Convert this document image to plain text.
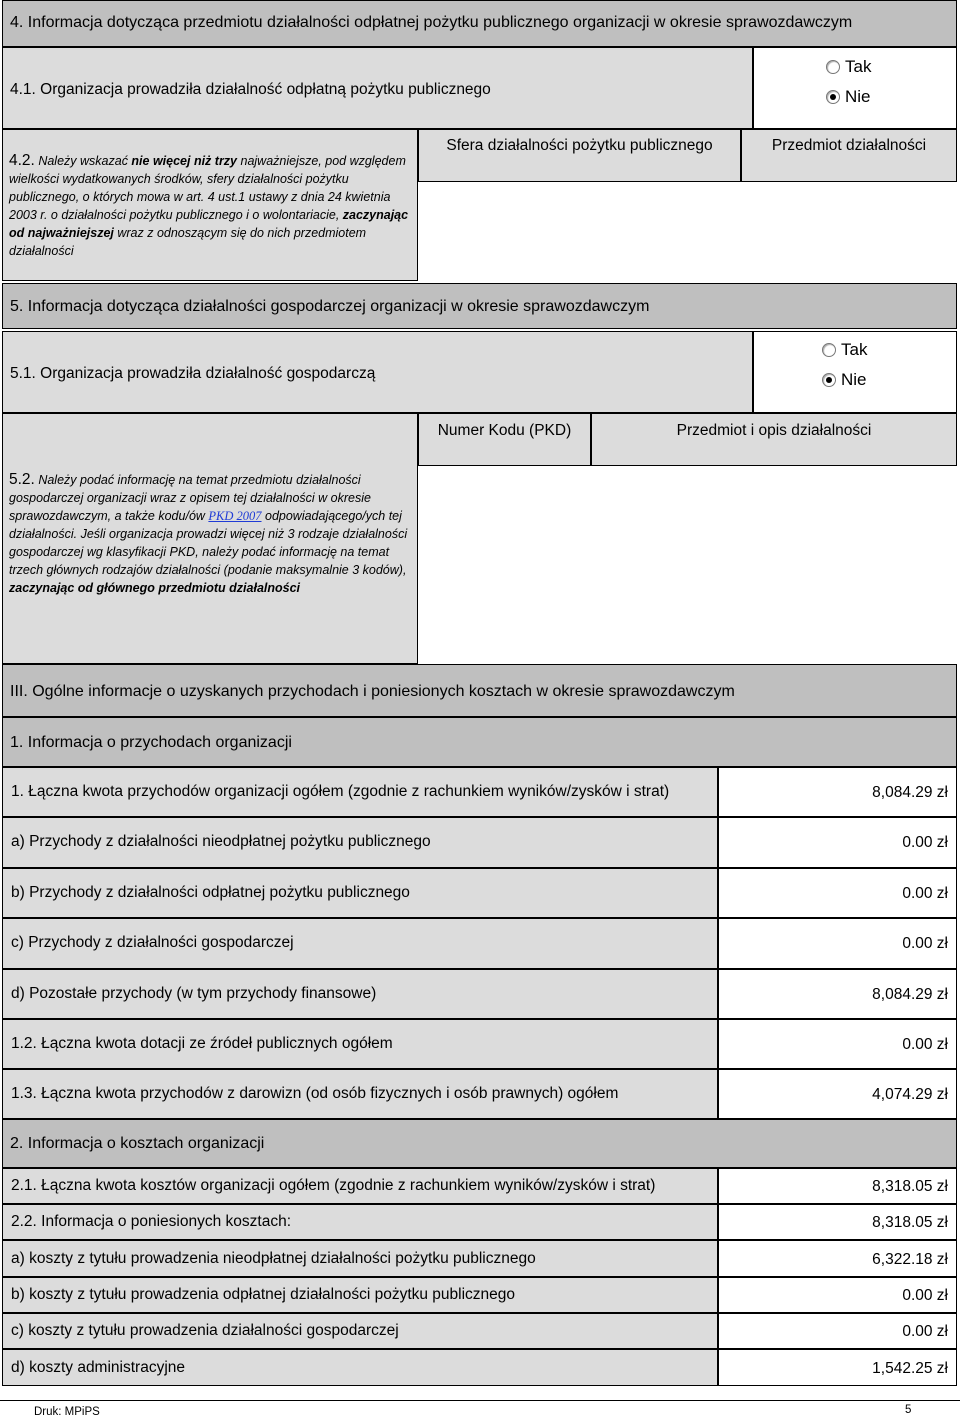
4. Informacja dotycząca przedmiotu działalności odpłatnej pożytku publicznego organizacji w okresie sprawozdawczym
4.1. Organizacja prowadziła działalność odpłatną pożytku publicznego
Tak
Nie
4.2. Należy wskazać nie więcej niż trzy najważniejsze, pod względem wielkości wydatkowanych środków, sfery działalności pożytku publicznego, o których mowa w art. 4 ust.1 ustawy z dnia 24 kwietnia 2003 r. o działalności pożytku publicznego i o wolontariacie, zaczynając od najważniejszej wraz z odnoszącym się do nich przedmiotem działalności
Sfera działalności pożytku publicznego	Przedmiot działalności
5. Informacja dotycząca działalności gospodarczej organizacji w okresie sprawozdawczym
5.1. Organizacja prowadziła działalność gospodarczą
Tak
Nie
5.2. Należy podać informację na temat przedmiotu działalności gospodarczej organizacji wraz z opisem tej działalności w okresie sprawozdawczym, a także kodu/ów PKD 2007 odpowiadającego/ych tej działalności. Jeśli organizacja prowadzi więcej niż 3 rodzaje działalności gospodarczej wg klasyfikacji PKD, należy podać informację na temat trzech głównych rodzajów działalności (podanie maksymalnie 3 kodów), zaczynając od głównego przedmiotu działalności
Numer Kodu (PKD)	Przedmiot i opis działalności
III. Ogólne informacje o uzyskanych przychodach i poniesionych kosztach w okresie sprawozdawczym
1. Informacja o przychodach organizacji
1. Łączna kwota przychodów organizacji ogółem (zgodnie z rachunkiem wyników/zysków i strat)	8,084.29 zł
a) Przychody z działalności nieodpłatnej pożytku publicznego	0.00 zł
b) Przychody z działalności odpłatnej pożytku publicznego	0.00 zł
c) Przychody z działalności gospodarczej	0.00 zł
d) Pozostałe przychody (w tym przychody finansowe)	8,084.29 zł
1.2. Łączna kwota dotacji ze źródeł publicznych ogółem	0.00 zł
1.3. Łączna kwota przychodów z darowizn (od osób fizycznych i osób prawnych) ogółem	4,074.29 zł
2. Informacja o kosztach organizacji
2.1. Łączna kwota kosztów organizacji ogółem (zgodnie z rachunkiem wyników/zysków i strat)	8,318.05 zł
2.2. Informacja o poniesionych kosztach:	8,318.05 zł
a) koszty z tytułu prowadzenia nieodpłatnej działalności pożytku publicznego	6,322.18 zł
b) koszty z tytułu prowadzenia odpłatnej działalności pożytku publicznego	0.00 zł
c) koszty z tytułu prowadzenia działalności gospodarczej	0.00 zł
d) koszty administracyjne	1,542.25 zł
Druk: MPiPS	5
